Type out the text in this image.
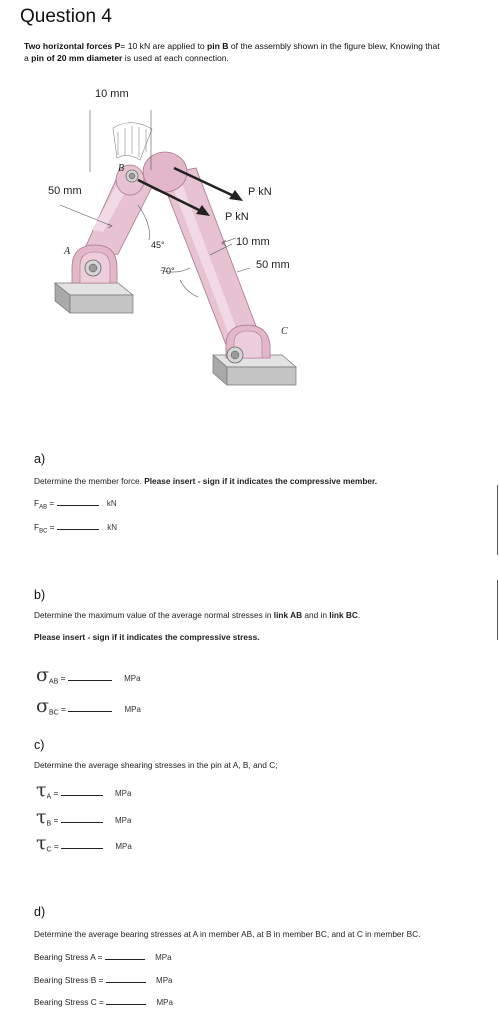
Question 4
Two horizontal forces P= 10 kN are applied to pin B of the assembly shown in the figure blew, Knowing that
a pin of 20 mm diameter is used at each connection.
10 mm
50 mm
B
A
C
P kN
P kN
10 mm
50 mm
45°
70°
a)
Determine the member force. Please insert - sign if it indicates the compressive member.
$F_{AB}$ =	kN
$F_{BC}$ =	kN
b)
Determine the maximum value of the average normal stresses in link AB and in link BC.
Please insert - sign if it indicates the compressive stress.
$\sigma_{AB}$ =	MPa
$\sigma_{BC}$ =	MPa
c)
Determine the average shearing stresses in the pin at A, B, and C;
$\tau_A$ =	MPa
$\tau_B$ =	MPa
$\tau_C$ =	MPa
d)
Determine the average bearing stresses at A in member AB, at B in member BC, and at C in member BC.
Bearing Stress A =	MPa
Bearing Stress B =	MPa
Bearing Stress C =	MPa
